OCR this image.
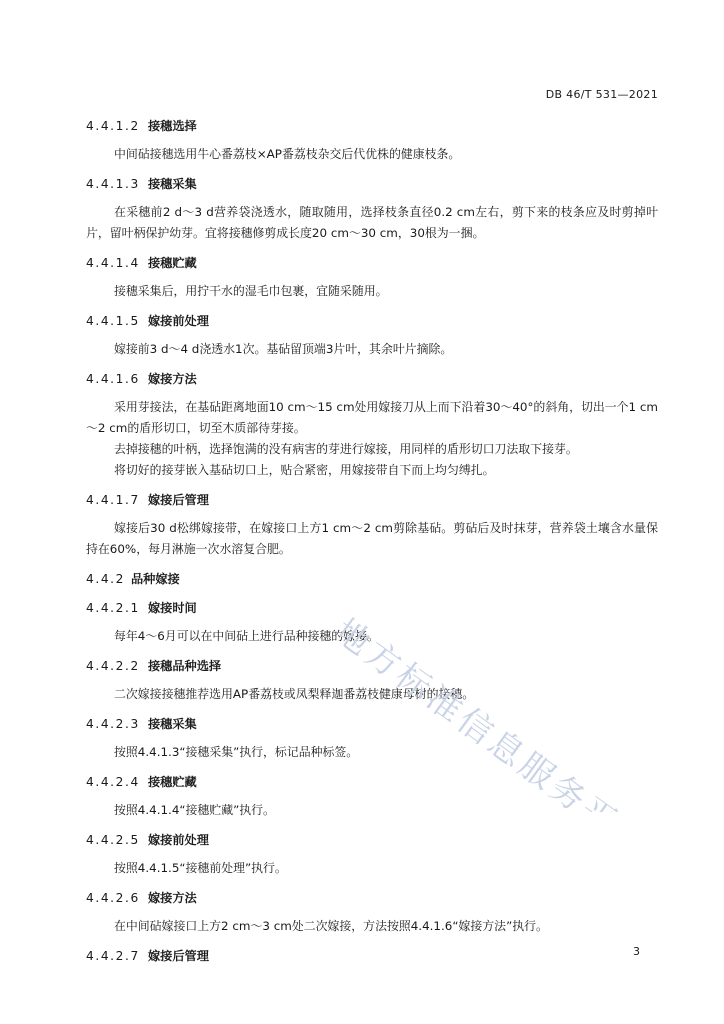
DB 46/T 531—2021
4.4.1.2 接穗选择

中间砧接穗选用牛心番荔枝×AP番荔枝杂交后代优株的健康枝条。

4.4.1.3 接穗采集

在采穗前2 d～3 d营养袋浇透水，随取随用，选择枝条直径0.2 cm左右，剪下来的枝条应及时剪掉叶片，留叶柄保护幼芽。宜将接穗修剪成长度20 cm～30 cm，30根为一捆。

4.4.1.4 接穗贮藏

接穗采集后，用拧干水的湿毛巾包裹，宜随采随用。

4.4.1.5 嫁接前处理

嫁接前3 d～4 d浇透水1次。基砧留顶端3片叶，其余叶片摘除。

4.4.1.6 嫁接方法

采用芽接法，在基砧距离地面10 cm～15 cm处用嫁接刀从上而下沿着30～40°的斜角，切出一个1 cm～2 cm的盾形切口，切至木质部待芽接。

去掉接穗的叶柄，选择饱满的没有病害的芽进行嫁接，用同样的盾形切口刀法取下接芽。

将切好的接芽嵌入基砧切口上，贴合紧密，用嫁接带自下而上均匀缚扎。

4.4.1.7 嫁接后管理

嫁接后30 d松绑嫁接带，在嫁接口上方1 cm～2 cm剪除基砧。剪砧后及时抹芽，营养袋土壤含水量保持在60%，每月淋施一次水溶复合肥。

4.4.2 品种嫁接
4.4.2.1 嫁接时间

每年4～6月可以在中间砧上进行品种接穗的嫁接。

4.4.2.2 接穗品种选择

二次嫁接接穗推荐选用AP番荔枝或凤梨释迦番荔枝健康母树的接穗。

4.4.2.3 接穗采集

按照4.4.1.3“接穗采集”执行，标记品种标签。

4.4.2.4 接穗贮藏

按照4.4.1.4“接穗贮藏”执行。

4.4.2.5 嫁接前处理

按照4.4.1.5“接穗前处理”执行。

4.4.2.6 嫁接方法

在中间砧嫁接口上方2 cm～3 cm处二次嫁接，方法按照4.4.1.6“嫁接方法”执行。

4.4.2.7 嫁接后管理
地方标准信息服务平台
3
